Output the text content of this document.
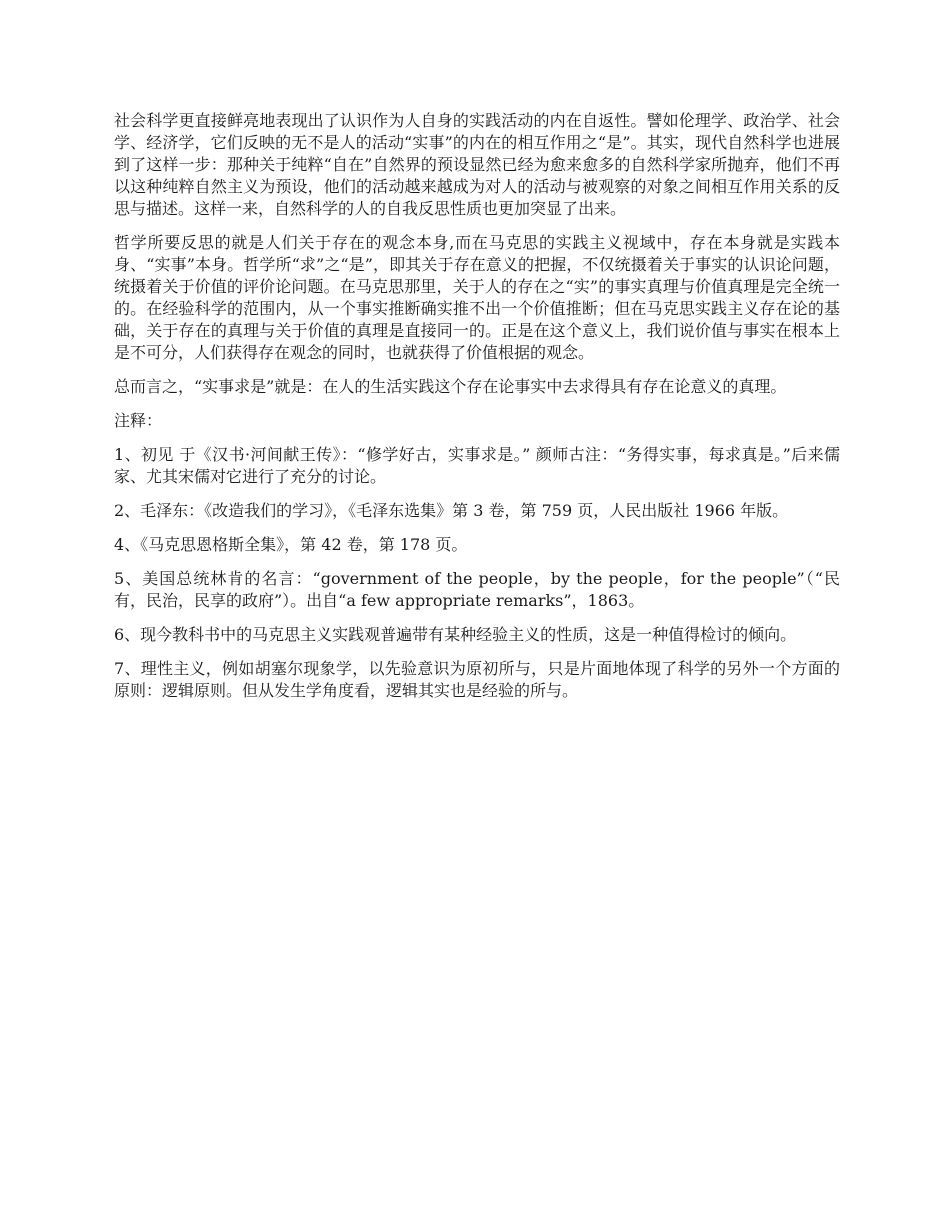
社会科学更直接鲜亮地表现出了认识作为人自身的实践活动的内在自返性。譬如伦理学、政治学、社会学、经济学，它们反映的无不是人的活动“实事”的内在的相互作用之“是”。其实，现代自然科学也进展到了这样一步：那种关于纯粹“自在”自然界的预设显然已经为愈来愈多的自然科学家所抛弃，他们不再以这种纯粹自然主义为预设，他们的活动越来越成为对人的活动与被观察的对象之间相互作用关系的反思与描述。这样一来，自然科学的人的自我反思性质也更加突显了出来。

哲学所要反思的就是人们关于存在的观念本身,而在马克思的实践主义视域中，存在本身就是实践本身、“实事”本身。哲学所“求”之“是”，即其关于存在意义的把握，不仅统摄着关于事实的认识论问题，统摄着关于价值的评价论问题。在马克思那里，关于人的存在之“实”的事实真理与价值真理是完全统一的。在经验科学的范围内，从一个事实推断确实推不出一个价值推断；但在马克思实践主义存在论的基础，关于存在的真理与关于价值的真理是直接同一的。正是在这个意义上，我们说价值与事实在根本上是不可分，人们获得存在观念的同时，也就获得了价值根据的观念。

总而言之，“实事求是”就是：在人的生活实践这个存在论事实中去求得具有存在论意义的真理。

注释：

1、初见 于《汉书·河间献王传》：“修学好古，实事求是。” 颜师古注：“务得实事，每求真是。”后来儒家、尤其宋儒对它进行了充分的讨论。

2、毛泽东：《改造我们的学习》，《毛泽东选集》第 3 卷，第 759 页，人民出版社 1966 年版。

4、《马克思恩格斯全集》，第 42 卷，第 178 页。

5、美国总统林肯的名言：“government of the people，by the people，for the people”（“民有，民治，民享的政府”）。出自“a few appropriate remarks”，1863。

6、现今教科书中的马克思主义实践观普遍带有某种经验主义的性质，这是一种值得检讨的倾向。

7、理性主义，例如胡塞尔现象学，以先验意识为原初所与，只是片面地体现了科学的另外一个方面的原则：逻辑原则。但从发生学角度看，逻辑其实也是经验的所与。
